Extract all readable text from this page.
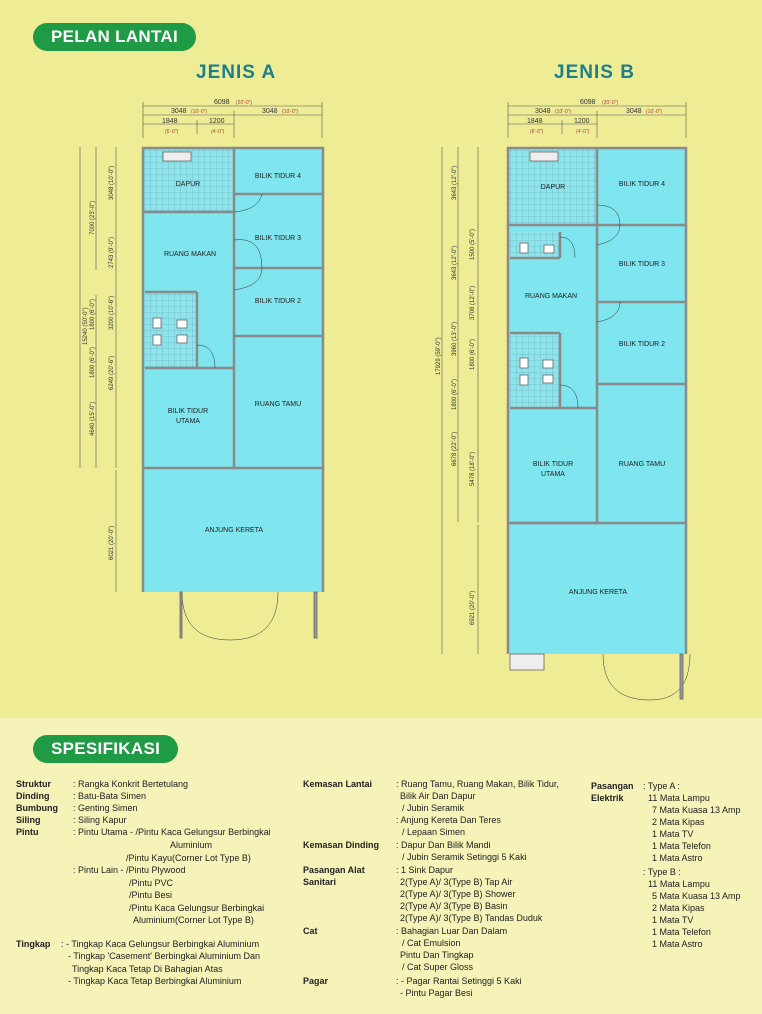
PELAN LANTAI
JENIS A	JENIS B
6098 (20'-0")
3048 (10'-0")	3048 (10'-0")
1848	1200
(6'-0")	(4'-0")
15240 (50'-0")
7000 (23'-0")
4640 (15'-0")
1800 (6'-0")
1800 (6'-0") 6249 (20'-6")
3200 (10'-6")
2743 (9'-0")
3048 (10'-0")
6021 (20'-0")
DAPUR
BILIK TIDUR 4
BILIK TIDUR 3
RUANG MAKAN
BILIK TIDUR 2
BILIK TIDUR
UTAMA
RUANG TAMU
ANJUNG KERETA
6098 (20'-0")
3048 (10'-0")	3048 (10'-0")
1848	1200
(6'-0")	(4'-0")
17929 (59'-0")
3643 (12'-0")
3643 (12'-0")
1500 (5'-0")
3960 (13'-0")
3708 (12'-0")
1800 (6'-0")
1800 (6'-0")
6678 (22'-0")
5478 (18'-0")
6921 (20'-0")
DAPUR	BILIK TIDUR 4
BILIK TIDUR 3
RUANG MAKAN
BILIK TIDUR 2
BILIK TIDUR
UTAMA
RUANG TAMU
ANJUNG KERETA
SPESIFIKASI
Struktur : Rangka Konkrit Bertetulang
Dinding	: Batu-Bata Simen
Bumbung : Genting Simen
Siling	: Siling Kapur
Pintu	: Pintu Utama - /Pintu Kaca Gelungsur Berbingkai
Aluminium
/Pintu Kayu(Corner Lot Type B)
: Pintu Lain - /Pintu Plywood
/Pintu PVC
/Pintu Besi
/Pintu Kaca Gelungsur Berbingkai
Aluminium(Corner Lot Type B)
Tingkap : - Tingkap Kaca Gelungsur Berbingkai Aluminium
- Tingkap 'Casement' Berbingkai Aluminium Dan
Tingkap Kaca Tetap Di Bahagian Atas
- Tingkap Kaca Tetap Berbingkai Aluminium
Kemasan Lantai	: Ruang Tamu, Ruang Makan, Bilik Tidur,
Bilik Air Dan Dapur
/ Jubin Seramik
: Anjung Kereta Dan Teres
/ Lepaan Simen
Kemasan Dinding : Dapur Dan Bilik Mandi
/ Jubin Seramik Setinggi 5 Kaki
Pasangan Alat	: 1 Sink Dapur
Sanitari	2(Type A)/ 3(Type B) Tap Air
2(Type A)/ 3(Type B) Shower
2(Type A)/ 3(Type B) Basin
2(Type A)/ 3(Type B) Tandas Duduk
Cat	: Bahagian Luar Dan Dalam
/ Cat Emulsion
Pintu Dan Tingkap
/ Cat Super Gloss
Pagar	: - Pagar Rantai Setinggi 5 Kaki
- Pintu Pagar Besi
Pasangan : Type A :
Elektrik	11 Mata Lampu
7 Mata Kuasa 13 Amp
2 Mata Kipas
1 Mata TV
1 Mata Telefon
1 Mata Astro
: Type B :
11 Mata Lampu
5 Mata Kuasa 13 Amp
2 Mata Kipas
1 Mata TV
1 Mata Telefon
1 Mata Astro
